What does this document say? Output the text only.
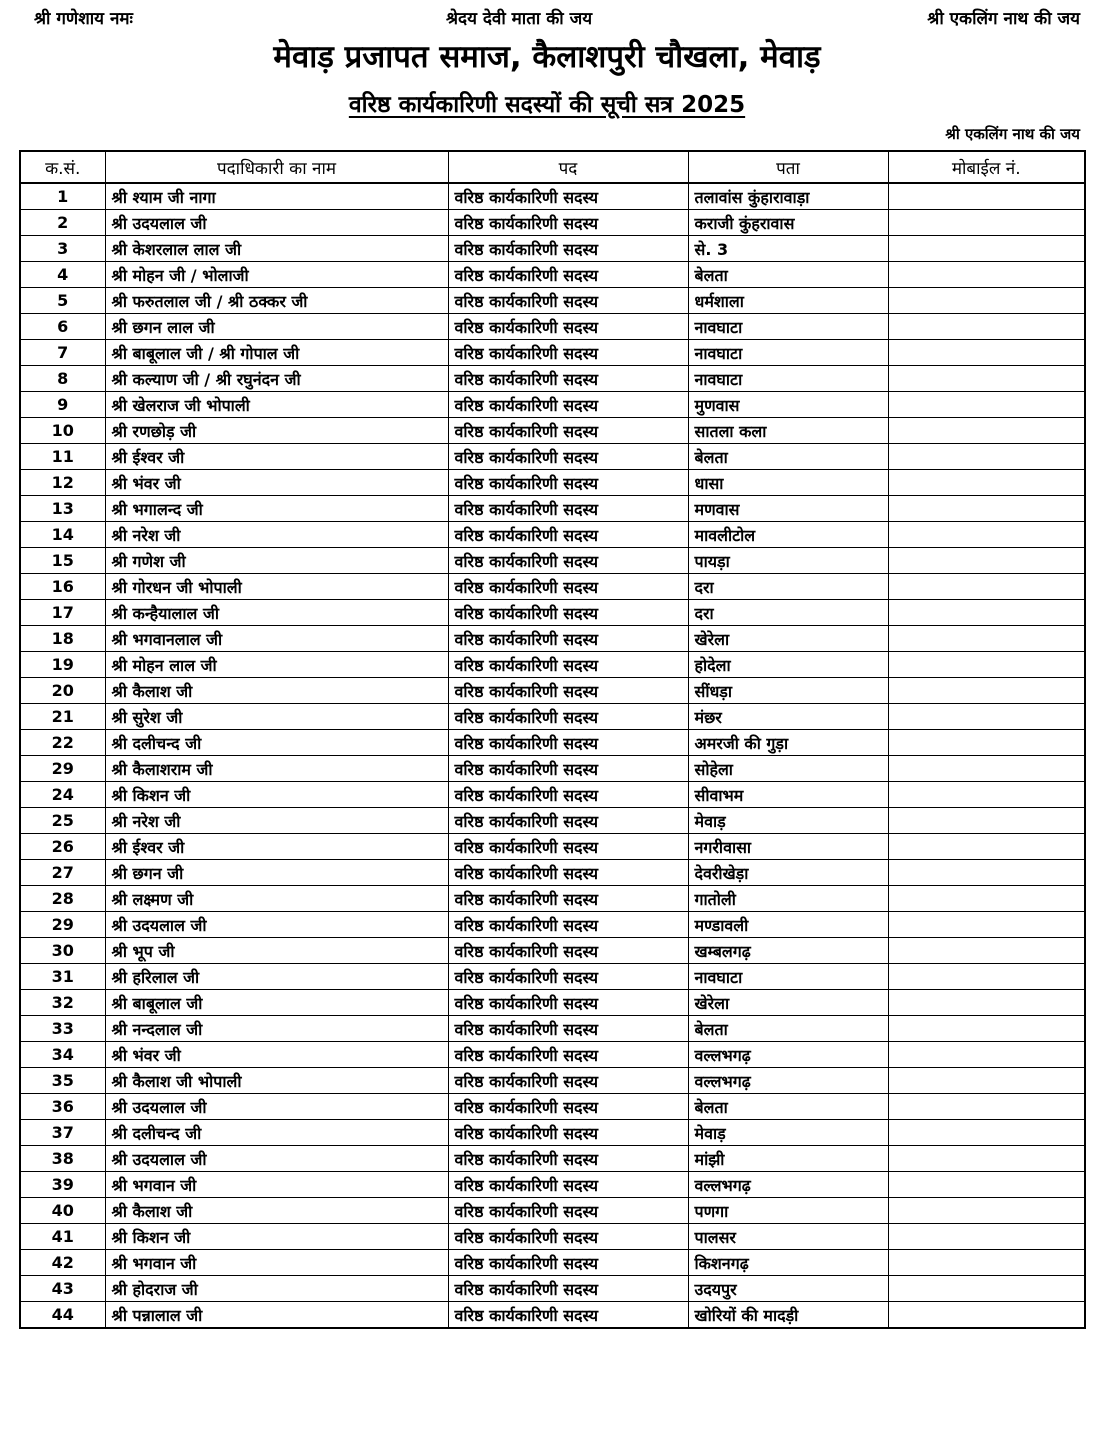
श्री गणेशाय नमः	श्रेदय देवी माता की जय	श्री एकलिंग नाथ की जय
मेवाड़ प्रजापत समाज, कैलाशपुरी चौखला, मेवाड़
वरिष्ठ कार्यकारिणी सदस्यों की सूची सत्र 2025
श्री एकलिंग नाथ की जय
क.सं.	पदाधिकारी का नाम	पद	पता	मोबाईल नं.
1	श्री श्याम जी नागा	वरिष्ठ कार्यकारिणी सदस्य	तलावांस कुंहारावाड़ा	
2	श्री उदयलाल जी	वरिष्ठ कार्यकारिणी सदस्य	कराजी कुंहरावास	
3	श्री केशरलाल लाल जी	वरिष्ठ कार्यकारिणी सदस्य	से. 3	
4	श्री मोहन जी / भोलाजी	वरिष्ठ कार्यकारिणी सदस्य	बेलता	
5	श्री फरुतलाल जी / श्री ठक्कर जी	वरिष्ठ कार्यकारिणी सदस्य	धर्मशाला	
6	श्री छगन लाल जी	वरिष्ठ कार्यकारिणी सदस्य	नावघाटा	
7	श्री बाबूलाल जी / श्री गोपाल जी	वरिष्ठ कार्यकारिणी सदस्य	नावघाटा	
8	श्री कल्याण जी / श्री रघुनंदन जी	वरिष्ठ कार्यकारिणी सदस्य	नावघाटा	
9	श्री खेलराज जी भोपाली	वरिष्ठ कार्यकारिणी सदस्य	मुणवास	
10	श्री रणछोड़ जी	वरिष्ठ कार्यकारिणी सदस्य	सातला कला	
11	श्री ईश्वर जी	वरिष्ठ कार्यकारिणी सदस्य	बेलता	
12	श्री भंवर जी	वरिष्ठ कार्यकारिणी सदस्य	धासा	
13	श्री भगालन्द जी	वरिष्ठ कार्यकारिणी सदस्य	मणवास	
14	श्री नरेश जी	वरिष्ठ कार्यकारिणी सदस्य	मावलीटोल	
15	श्री गणेश जी	वरिष्ठ कार्यकारिणी सदस्य	पायड़ा	
16	श्री गोरधन जी भोपाली	वरिष्ठ कार्यकारिणी सदस्य	दरा	
17	श्री कन्हैयालाल जी	वरिष्ठ कार्यकारिणी सदस्य	दरा	
18	श्री भगवानलाल जी	वरिष्ठ कार्यकारिणी सदस्य	खेरेला	
19	श्री मोहन लाल जी	वरिष्ठ कार्यकारिणी सदस्य	होदेला	
20	श्री कैलाश जी	वरिष्ठ कार्यकारिणी सदस्य	सींधड़ा	
21	श्री सुरेश जी	वरिष्ठ कार्यकारिणी सदस्य	मंछर	
22	श्री दलीचन्द जी	वरिष्ठ कार्यकारिणी सदस्य	अमरजी की गुड़ा	
29	श्री कैलाशराम जी	वरिष्ठ कार्यकारिणी सदस्य	सोहेला	
24	श्री किशन जी	वरिष्ठ कार्यकारिणी सदस्य	सीवाभम	
25	श्री नरेश जी	वरिष्ठ कार्यकारिणी सदस्य	मेवाड़	
26	श्री ईश्वर जी	वरिष्ठ कार्यकारिणी सदस्य	नगरीवासा	
27	श्री छगन जी	वरिष्ठ कार्यकारिणी सदस्य	देवरीखेड़ा	
28	श्री लक्ष्मण जी	वरिष्ठ कार्यकारिणी सदस्य	गातोली	
29	श्री उदयलाल जी	वरिष्ठ कार्यकारिणी सदस्य	मण्डावली	
30	श्री भूप जी	वरिष्ठ कार्यकारिणी सदस्य	खम्बलगढ़	
31	श्री हरिलाल जी	वरिष्ठ कार्यकारिणी सदस्य	नावघाटा	
32	श्री बाबूलाल जी	वरिष्ठ कार्यकारिणी सदस्य	खेरेला	
33	श्री नन्दलाल जी	वरिष्ठ कार्यकारिणी सदस्य	बेलता	
34	श्री भंवर जी	वरिष्ठ कार्यकारिणी सदस्य	वल्लभगढ़	
35	श्री कैलाश जी भोपाली	वरिष्ठ कार्यकारिणी सदस्य	वल्लभगढ़	
36	श्री उदयलाल जी	वरिष्ठ कार्यकारिणी सदस्य	बेलता	
37	श्री दलीचन्द जी	वरिष्ठ कार्यकारिणी सदस्य	मेवाड़	
38	श्री उदयलाल जी	वरिष्ठ कार्यकारिणी सदस्य	मांझी	
39	श्री भगवान जी	वरिष्ठ कार्यकारिणी सदस्य	वल्लभगढ़	
40	श्री कैलाश जी	वरिष्ठ कार्यकारिणी सदस्य	पणगा	
41	श्री किशन जी	वरिष्ठ कार्यकारिणी सदस्य	पालसर	
42	श्री भगवान जी	वरिष्ठ कार्यकारिणी सदस्य	किशनगढ़	
43	श्री होदराज जी	वरिष्ठ कार्यकारिणी सदस्य	उदयपुर	
44	श्री पन्नालाल जी	वरिष्ठ कार्यकारिणी सदस्य	खोरियों की मादड़ी	
